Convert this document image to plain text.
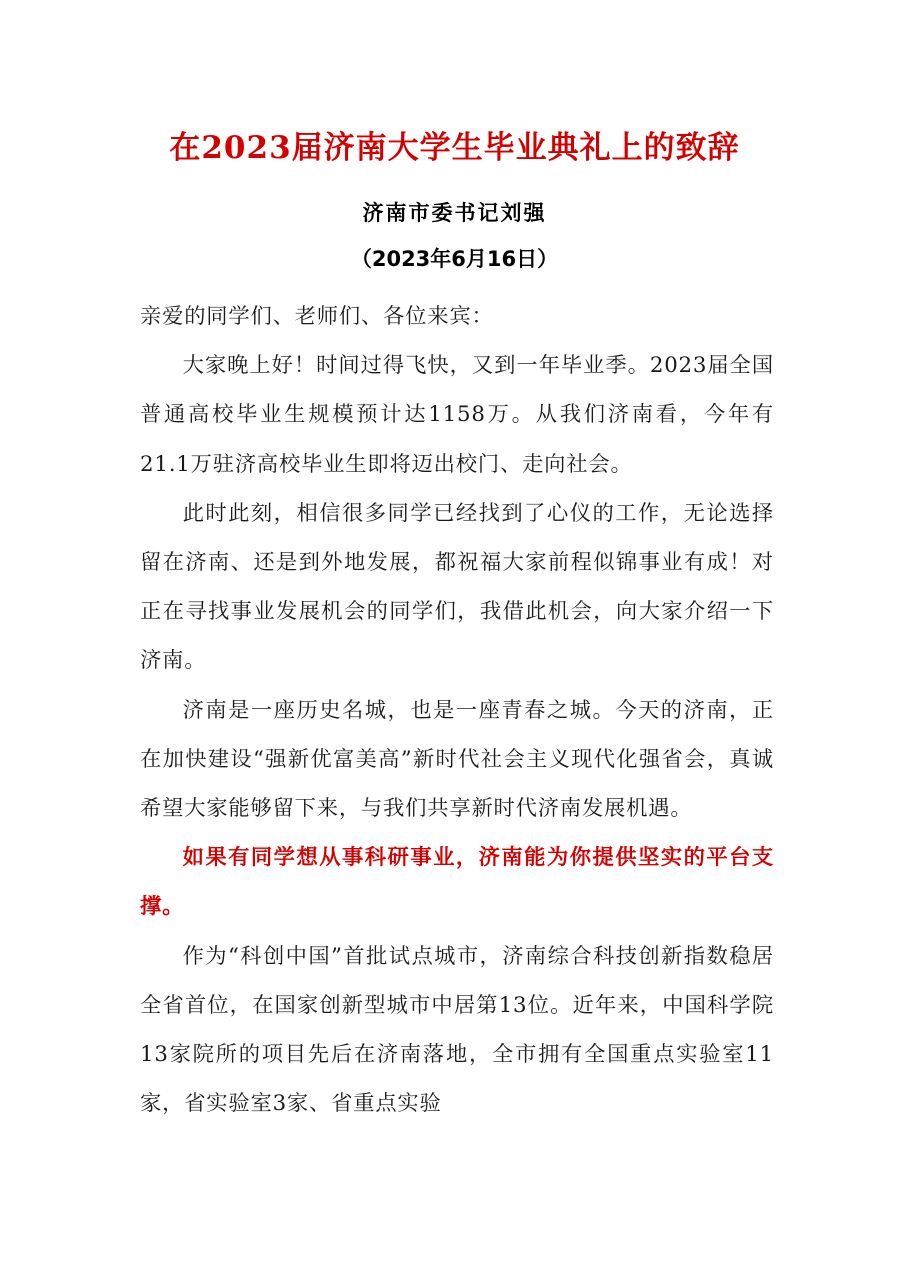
在2023届济南大学生毕业典礼上的致辞
济南市委书记刘强
（2023年6月16日）

亲爱的同学们、老师们、各位来宾：

大家晚上好！时间过得飞快，又到一年毕业季。2023届全国普通高校毕业生规模预计达1158万。从我们济南看，今年有21.1万驻济高校毕业生即将迈出校门、走向社会。

此时此刻，相信很多同学已经找到了心仪的工作，无论选择留在济南、还是到外地发展，都祝福大家前程似锦事业有成！对正在寻找事业发展机会的同学们，我借此机会，向大家介绍一下济南。

济南是一座历史名城，也是一座青春之城。今天的济南，正在加快建设“强新优富美高”新时代社会主义现代化强省会，真诚希望大家能够留下来，与我们共享新时代济南发展机遇。

如果有同学想从事科研事业，济南能为你提供坚实的平台支撑。

作为“科创中国”首批试点城市，济南综合科技创新指数稳居全省首位，在国家创新型城市中居第13位。近年来，中国科学院13家院所的项目先后在济南落地，全市拥有全国重点实验室11家，省实验室3家、省重点实验
